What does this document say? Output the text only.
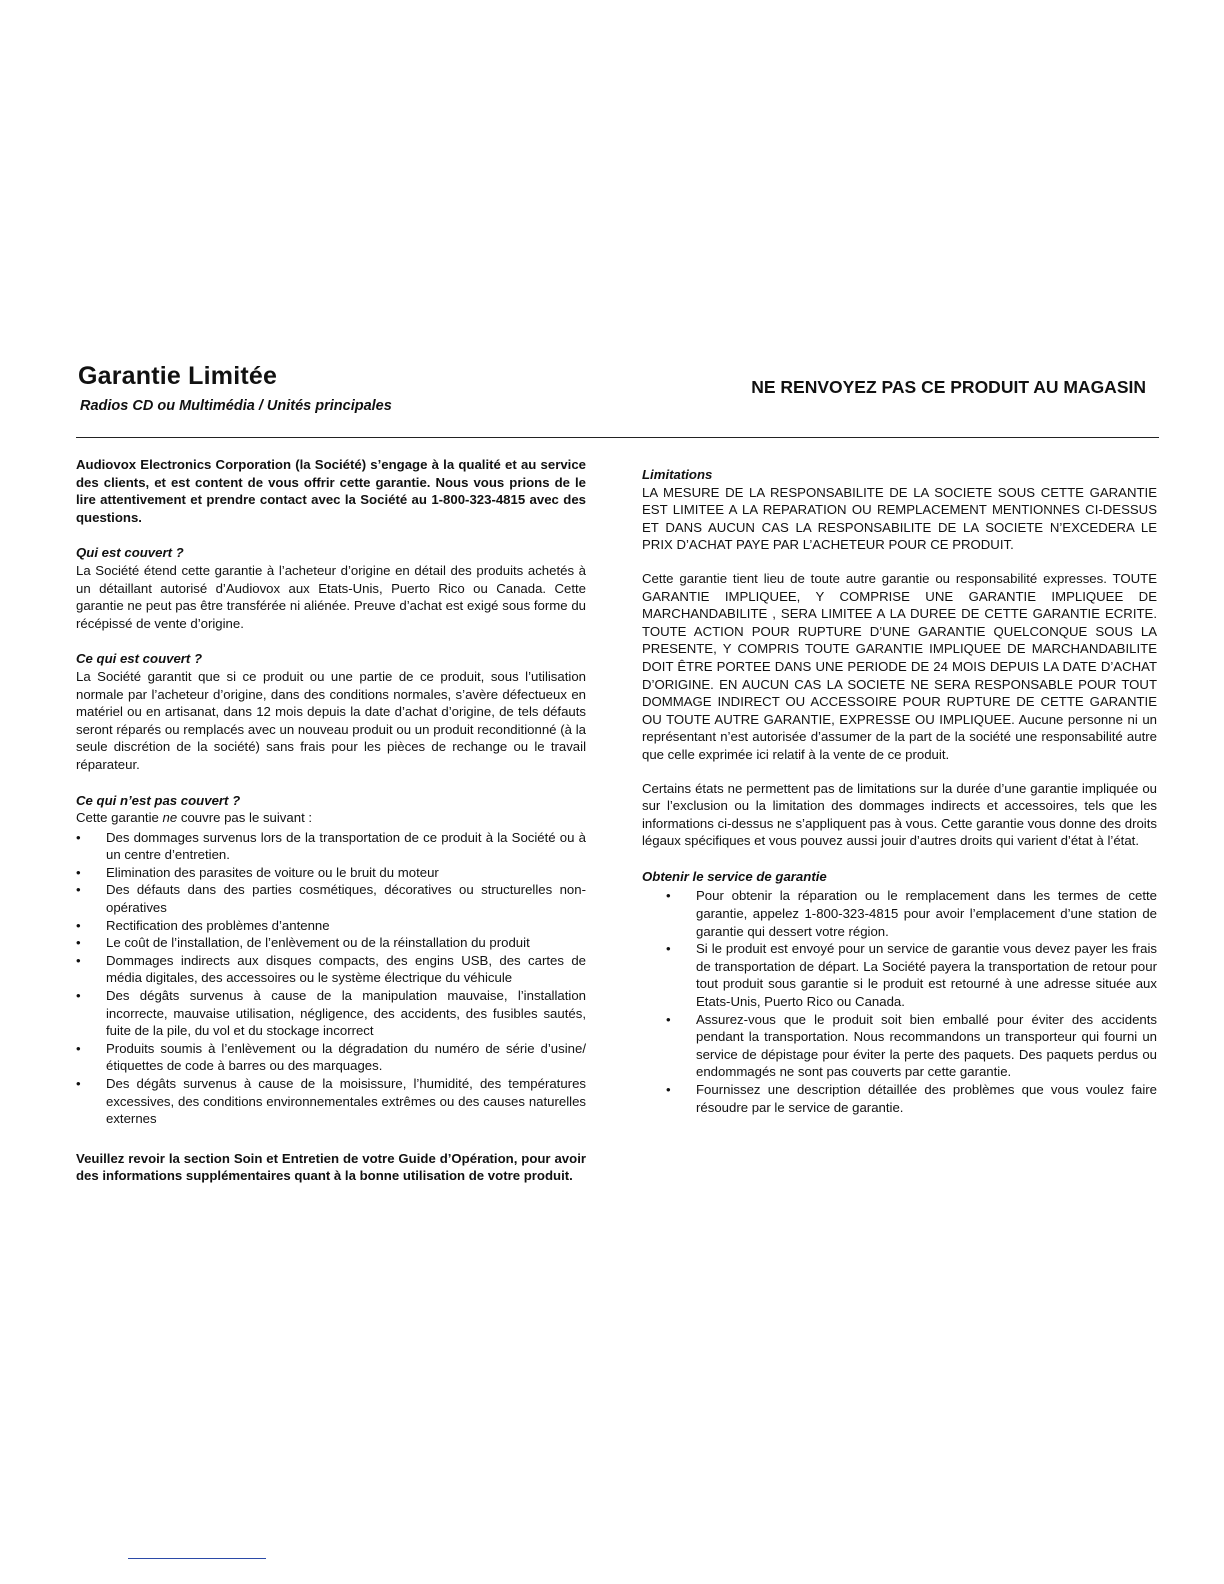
Garantie Limitée
Radios CD ou Multimédia / Unités principales
NE RENVOYEZ PAS CE PRODUIT AU MAGASIN

Audiovox Electronics Corporation (la Société) s’engage à la qualité et au service des clients, et est content de vous offrir cette garantie. Nous vous prions de le lire attentivement et prendre contact avec la Société au 1-800-323-4815 avec des questions.

Qui est couvert ?

La Société étend cette garantie à l’acheteur d’origine en détail des produits achetés à un détaillant autorisé d’Audiovox aux Etats-Unis, Puerto Rico ou Canada. Cette garantie ne peut pas être transférée ni aliénée. Preuve d’achat est exigé sous forme du récépissé de vente d’origine.

Ce qui est couvert ?

La Société garantit que si ce produit ou une partie de ce produit, sous l’utilisation normale par l’acheteur d’origine, dans des conditions normales, s’avère défectueux en matériel ou en artisanat, dans 12 mois depuis la date d’achat d’origine, de tels défauts seront réparés ou remplacés avec un nouveau produit ou un produit reconditionné (à la seule discrétion de la société) sans frais pour les pièces de rechange ou le travail réparateur.

Ce qui n’est pas couvert ?

Cette garantie ne couvre pas le suivant :

• Des dommages survenus lors de la transportation de ce produit à la Société ou à un centre d’entretien.
• Elimination des parasites de voiture ou le bruit du moteur
• Des défauts dans des parties cosmétiques, décoratives ou structurelles non-opératives
• Rectification des problèmes d’antenne
• Le coût de l’installation, de l’enlèvement ou de la réinstallation du produit
• Dommages indirects aux disques compacts, des engins USB, des cartes de média digitales, des accessoires ou le système électrique du véhicule
• Des dégâts survenus à cause de la manipulation mauvaise, l’installation incorrecte, mauvaise utilisation, négligence, des accidents, des fusibles sautés, fuite de la pile, du vol et du stockage incorrect
• Produits soumis à l’enlèvement ou la dégradation du numéro de série d’usine/étiquettes de code à barres ou des marquages.
• Des dégâts survenus à cause de la moisissure, l’humidité, des températures excessives, des conditions environnementales extrêmes ou des causes naturelles externes

Veuillez revoir la section Soin et Entretien de votre Guide d’Opération, pour avoir des informations supplémentaires quant à la bonne utilisation de votre produit.

Limitations

LA MESURE DE LA RESPONSABILITE DE LA SOCIETE SOUS CETTE GARANTIE EST LIMITEE A LA REPARATION OU REMPLACEMENT MENTIONNES CI-DESSUS ET DANS AUCUN CAS LA RESPONSABILITE DE LA SOCIETE N’EXCEDERA LE PRIX D’ACHAT PAYE PAR L’ACHETEUR POUR CE PRODUIT.

Cette garantie tient lieu de toute autre garantie ou responsabilité expresses. TOUTE GARANTIE IMPLIQUEE, Y COMPRISE UNE GARANTIE IMPLIQUEE DE MARCHANDABILITE , SERA LIMITEE A LA DUREE DE CETTE GARANTIE ECRITE. TOUTE ACTION POUR RUPTURE D’UNE GARANTIE QUELCONQUE SOUS LA PRESENTE, Y COMPRIS TOUTE GARANTIE IMPLIQUEE DE MARCHANDABILITE DOIT ÊTRE PORTEE DANS UNE PERIODE DE 24 MOIS DEPUIS LA DATE D’ACHAT D’ORIGINE. EN AUCUN CAS LA SOCIETE NE SERA RESPONSABLE POUR TOUT DOMMAGE INDIRECT OU ACCESSOIRE POUR RUPTURE DE CETTE GARANTIE OU TOUTE AUTRE GARANTIE, EXPRESSE OU IMPLIQUEE. Aucune personne ni un représentant n’est autorisée d’assumer de la part de la société une responsabilité autre que celle exprimée ici relatif à la vente de ce produit.

Certains états ne permettent pas de limitations sur la durée d’une garantie impliquée ou sur l’exclusion ou la limitation des dommages indirects et accessoires, tels que les informations ci-dessus ne s’appliquent pas à vous. Cette garantie vous donne des droits légaux spécifiques et vous pouvez aussi jouir d’autres droits qui varient d’état à l’état.

Obtenir le service de garantie
• Pour obtenir la réparation ou le remplacement dans les termes de cette garantie, appelez 1-800-323-4815 pour avoir l’emplacement d’une station de garantie qui dessert votre région.
• Si le produit est envoyé pour un service de garantie vous devez payer les frais de transportation de départ. La Société payera la transportation de retour pour tout produit sous garantie si le produit est retourné à une adresse située aux Etats-Unis, Puerto Rico ou Canada.
• Assurez-vous que le produit soit bien emballé pour éviter des accidents pendant la transportation. Nous recommandons un transporteur qui fourni un service de dépistage pour éviter la perte des paquets. Des paquets perdus ou endommagés ne sont pas couverts par cette garantie.
• Fournissez une description détaillée des problèmes que vous voulez faire résoudre par le service de garantie.
